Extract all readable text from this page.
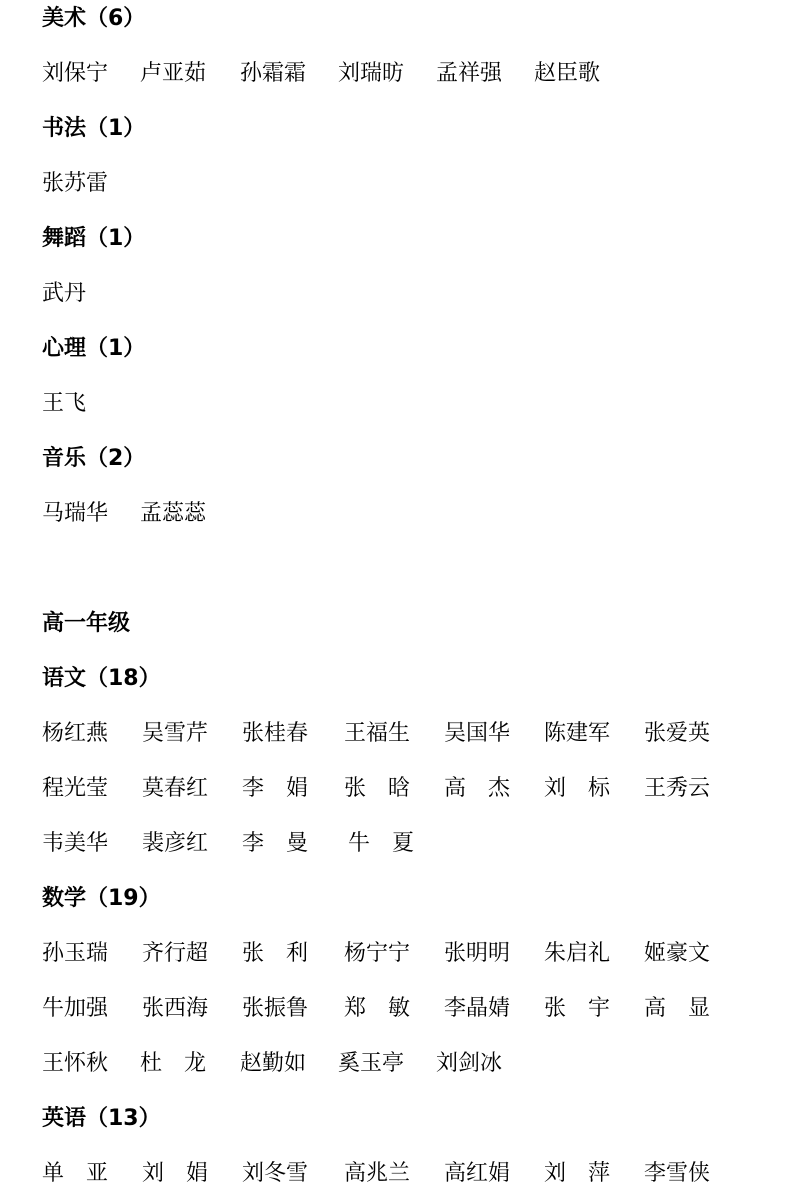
美术（6）
刘保宁 卢亚茹 孙霜霜 刘瑞昉 孟祥强 赵臣歌
书法（1）
张苏雷
舞蹈（1）
武丹
心理（1）
王飞
音乐（2）
马瑞华 孟蕊蕊
高一年级
语文（18）
杨红燕 吴雪芹 张桂春 王福生 吴国华 陈建军 张爱英
程光莹 莫春红 李　娟 张　晗 高　杰 刘　标 王秀云
韦美华 裴彦红 李　曼 牛　夏
数学（19）
孙玉瑞 齐行超 张　利 杨宁宁 张明明 朱启礼 姬豪文
牛加强 张西海 张振鲁 郑　敏 李晶婧 张　宇 高　显
王怀秋 杜　龙 赵勤如 奚玉亭 刘剑冰
英语（13）
单　亚 刘　娟 刘冬雪 高兆兰 高红娟 刘　萍 李雪侠
